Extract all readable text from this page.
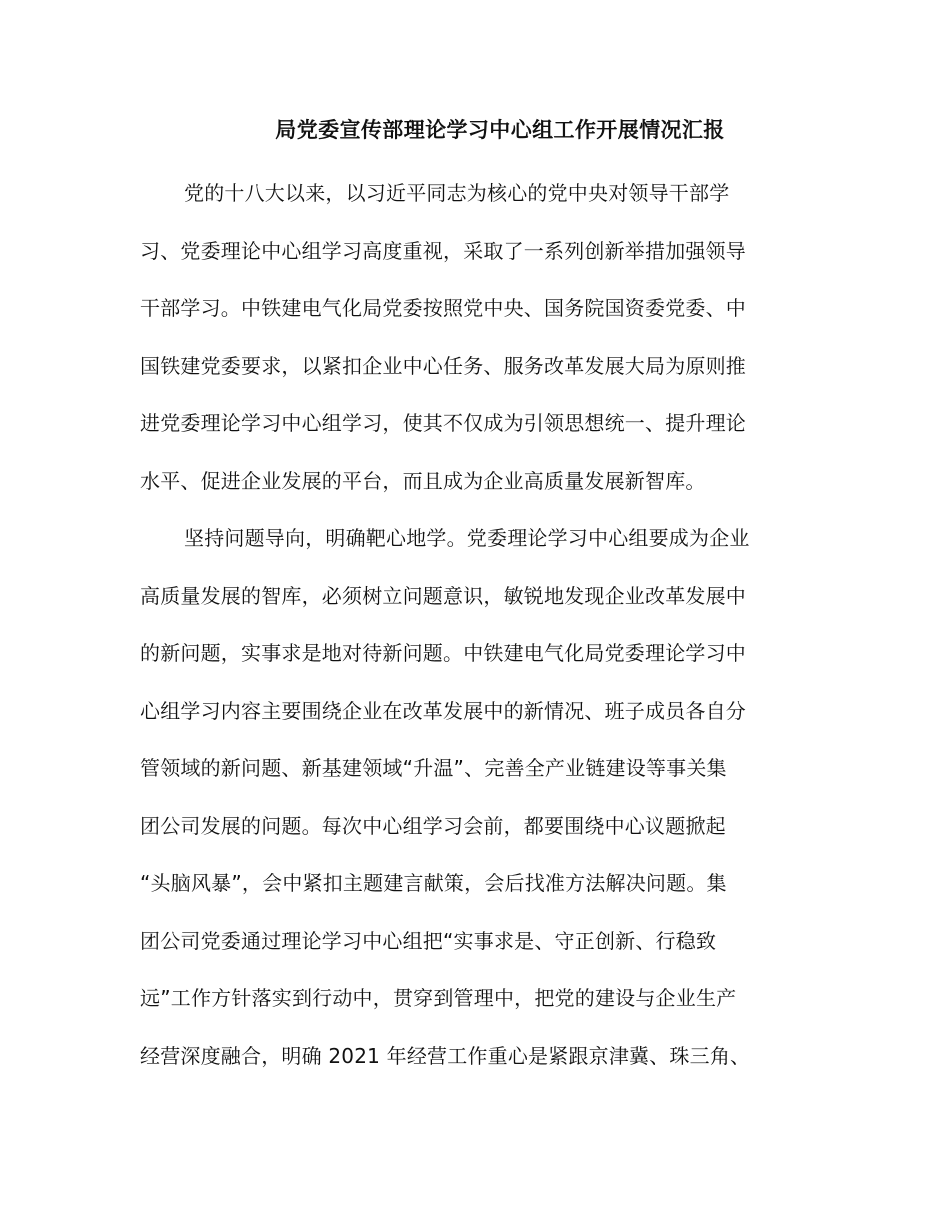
局党委宣传部理论学习中心组工作开展情况汇报
党的十八大以来，以习近平同志为核心的党中央对领导干部学
习、党委理论中心组学习高度重视，采取了一系列创新举措加强领导
干部学习。中铁建电气化局党委按照党中央、国务院国资委党委、中
国铁建党委要求，以紧扣企业中心任务、服务改革发展大局为原则推
进党委理论学习中心组学习，使其不仅成为引领思想统一、提升理论
水平、促进企业发展的平台，而且成为企业高质量发展新智库。
坚持问题导向，明确靶心地学。党委理论学习中心组要成为企业
高质量发展的智库，必须树立问题意识，敏锐地发现企业改革发展中
的新问题，实事求是地对待新问题。中铁建电气化局党委理论学习中
心组学习内容主要围绕企业在改革发展中的新情况、班子成员各自分
管领域的新问题、新基建领域“升温”、完善全产业链建设等事关集
团公司发展的问题。每次中心组学习会前，都要围绕中心议题掀起
“头脑风暴”，会中紧扣主题建言献策，会后找准方法解决问题。集
团公司党委通过理论学习中心组把“实事求是、守正创新、行稳致
远”工作方针落实到行动中，贯穿到管理中，把党的建设与企业生产
经营深度融合，明确 2021 年经营工作重心是紧跟京津冀、珠三角、
